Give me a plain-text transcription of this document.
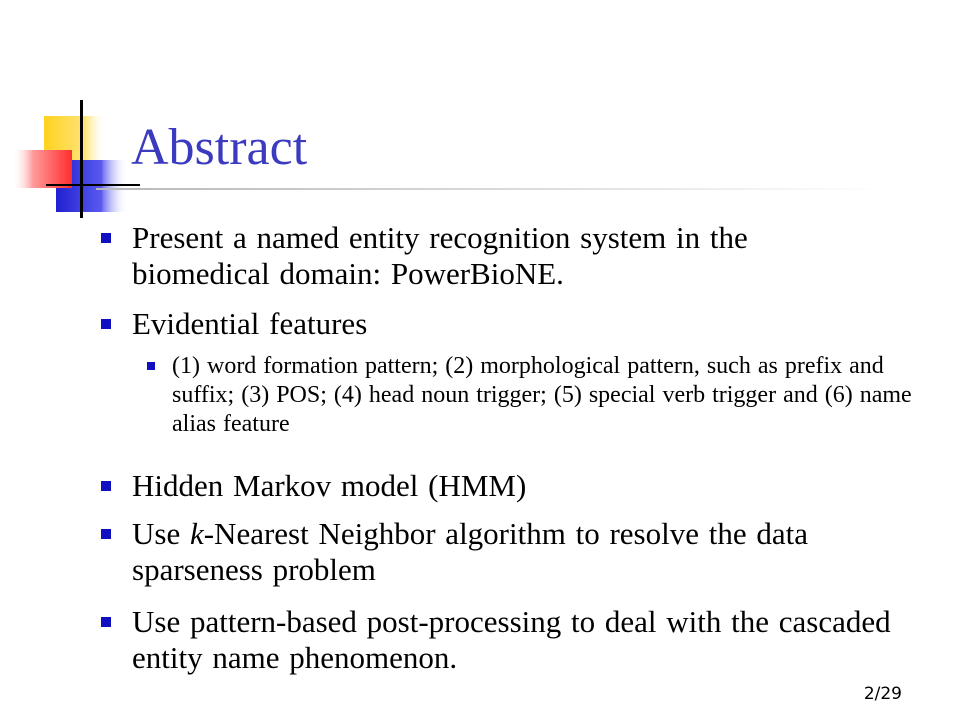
Abstract
Present a named entity recognition system in the biomedical domain: PowerBioNE.
Evidential features
(1) word formation pattern; (2) morphological pattern, such as prefix and suffix; (3) POS; (4) head noun trigger; (5) special verb trigger and (6) name alias feature
Hidden Markov model (HMM)
Use k-Nearest Neighbor algorithm to resolve the data sparseness problem
Use pattern-based post-processing to deal with the cascaded entity name phenomenon.
2/29
